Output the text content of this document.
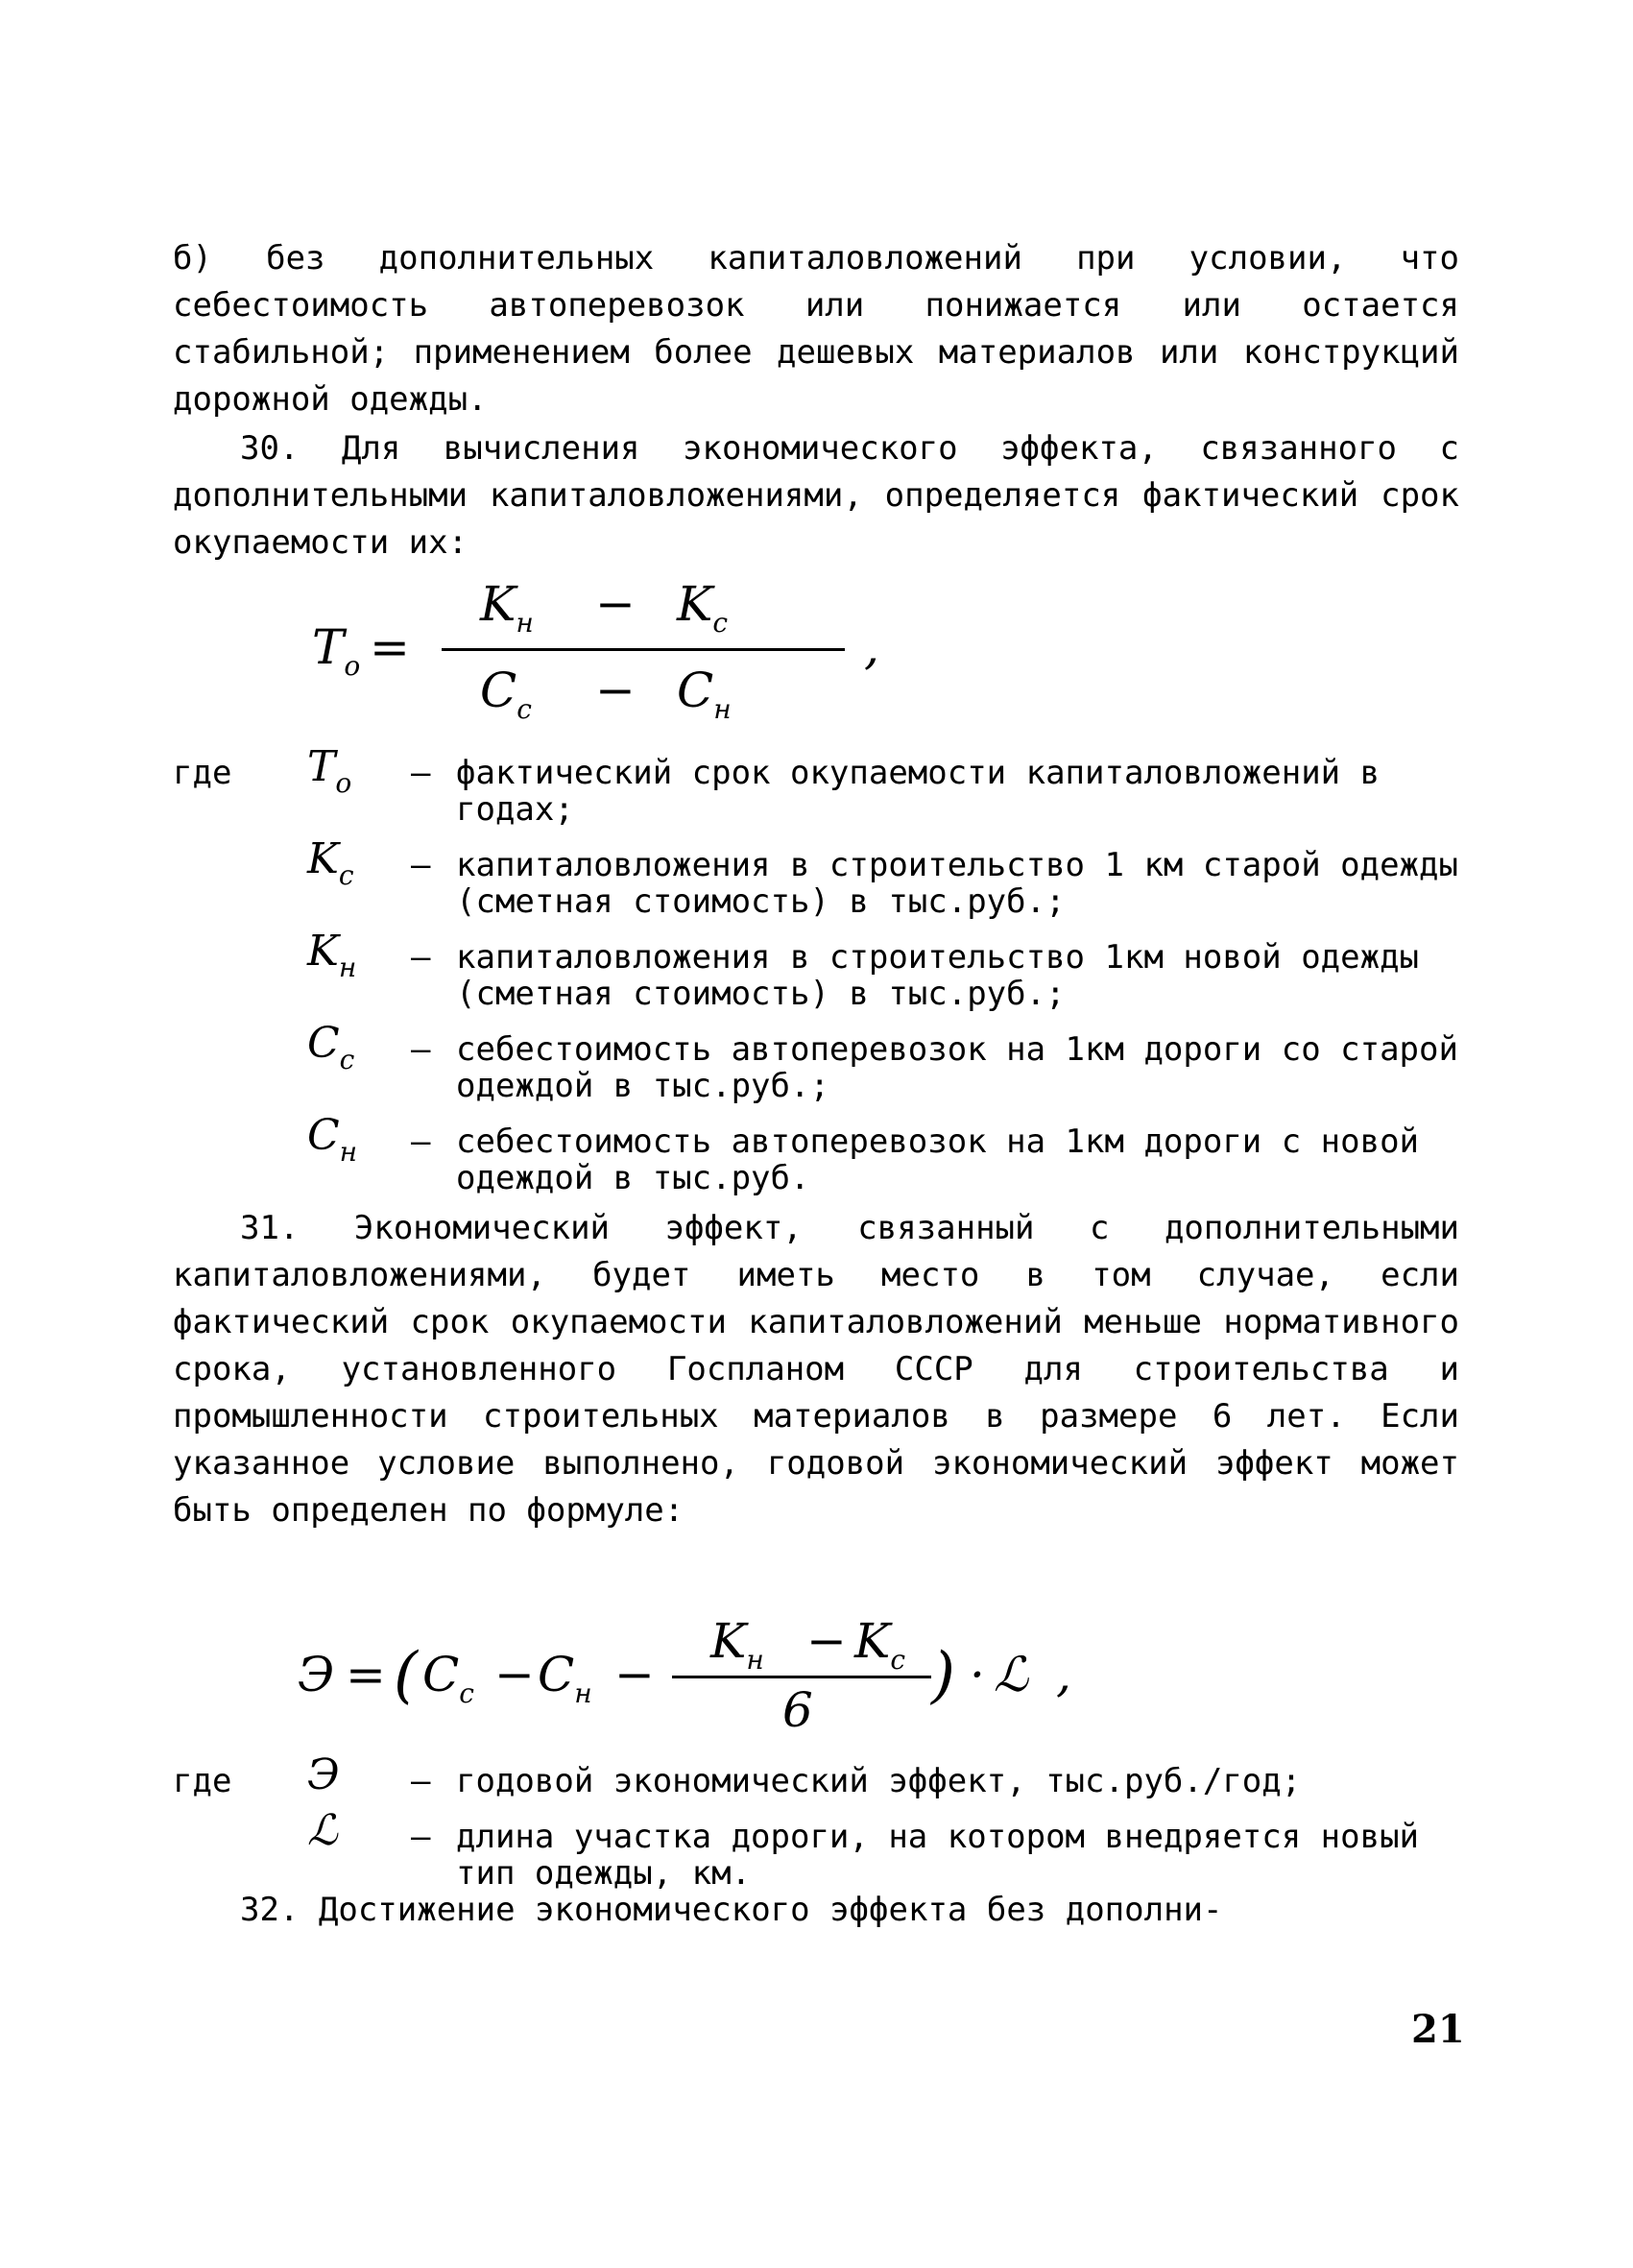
б) без дополнительных капиталовложений при условии, что себестоимость автоперевозок или понижается или остается стабильной; применением более дешевых материалов или конструкций дорожной одежды.
30. Для вычисления экономического эффекта, связанного с дополнительными капиталовложениями, определяется фактический срок окупаемости их:
$T_o$ =
$K_н - K_c$
$C_c - C_н$
,
где $T_o$ – фактический срок окупаемости капиталовложений в годах;
$K_c$ – капиталовложения в строительство 1 км старой одежды (сметная стоимость) в тыс.руб.;
$K_н$ – капиталовложения в строительство 1км новой одежды (сметная стоимость) в тыс.руб.;
$C_c$ – себестоимость автоперевозок на 1км дороги со старой одеждой в тыс.руб.;
$C_н$ – себестоимость автоперевозок на 1км дороги с новой одеждой в тыс.руб.
31. Экономический эффект, связанный с дополнительными капиталовложениями, будет иметь место в том случае, если фактический срок окупаемости капиталовложений меньше нормативного срока, установленного Госпланом СССР для строительства и промышленности строительных материалов в размере 6 лет. Если указанное условие выполнено, годовой экономический эффект может быть определен по формуле:
Э = ( $C_c - C_н$ −
$K_н - K_c$
6 ) · ℒ ,
где Э – годовой экономический эффект, тыс.руб./год;
ℒ – длина участка дороги, на котором внедряется новый тип одежды, км.
32. Достижение экономического эффекта без дополни-
21
